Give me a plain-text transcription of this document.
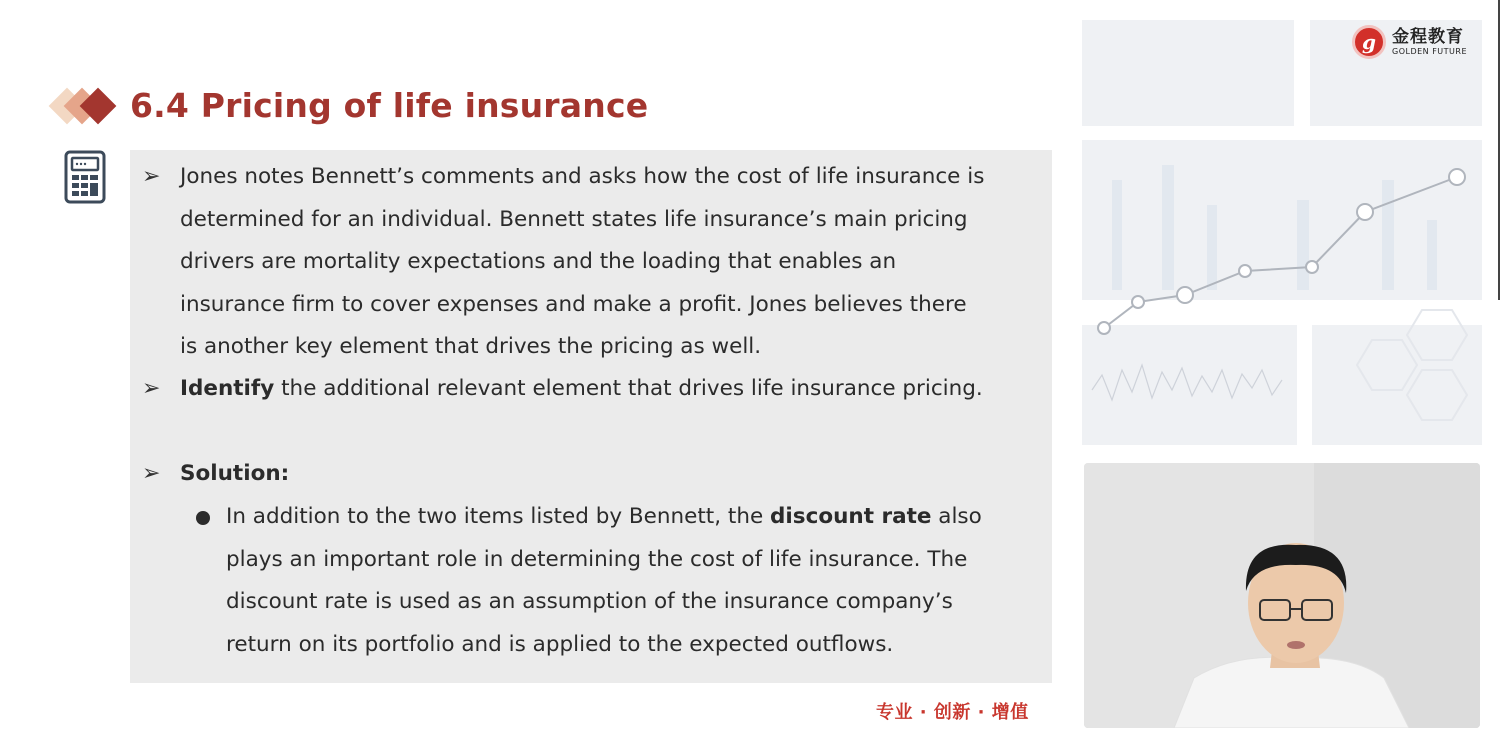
6.4 Pricing of life insurance
➢ Jones notes Bennett’s comments and asks how the cost of life insurance is
determined for an individual. Bennett states life insurance’s main pricing
drivers are mortality expectations and the loading that enables an
insurance firm to cover expenses and make a profit. Jones believes there
is another key element that drives the pricing as well.
➢ Identify the additional relevant element that drives life insurance pricing.
➢ Solution:
In addition to the two items listed by Bennett, the discount rate also
plays an important role in determining the cost of life insurance. The
discount rate is used as an assumption of the insurance company’s
return on its portfolio and is applied to the expected outflows.
专业 · 创新 · 增值
g 金程教育
GOLDEN FUTURE
